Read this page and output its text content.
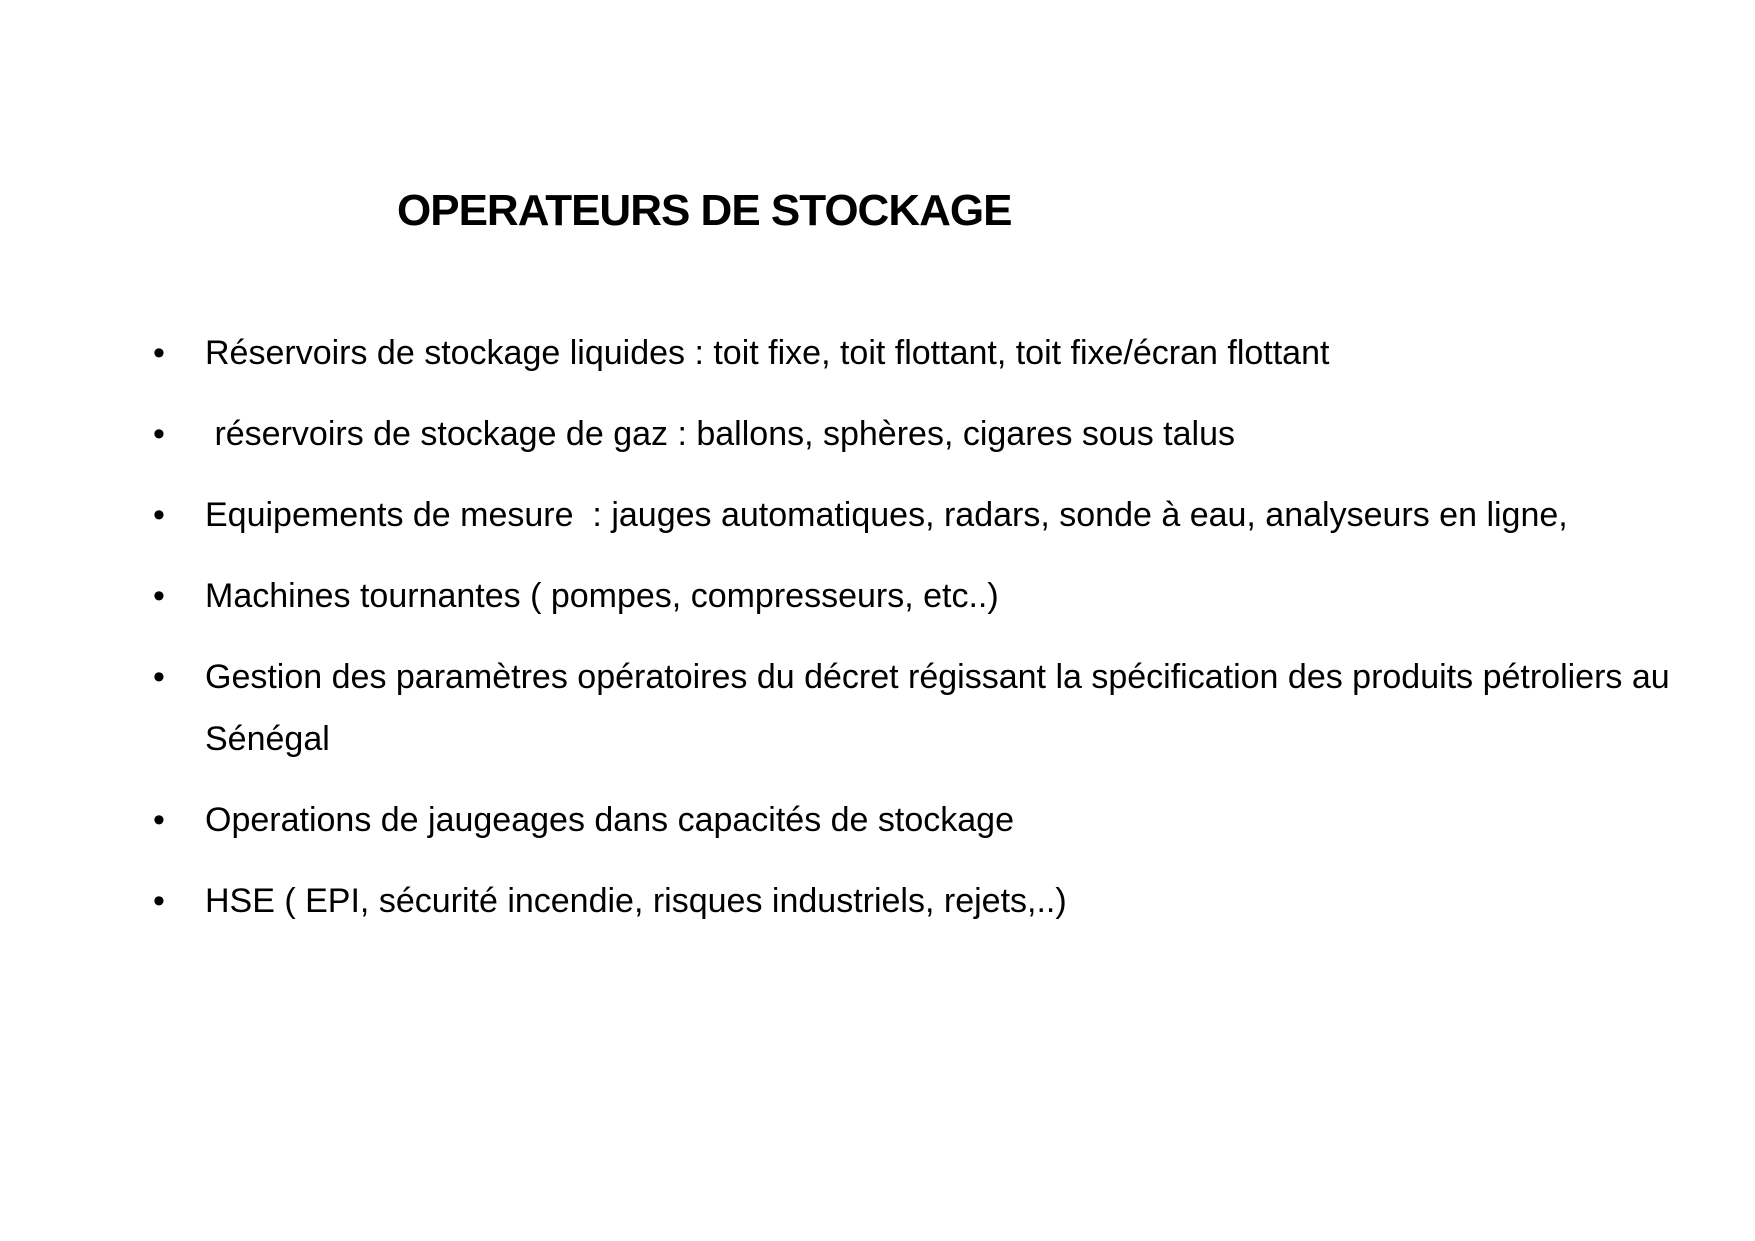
OPERATEURS DE STOCKAGE
•	Réservoirs de stockage liquides : toit fixe, toit flottant, toit fixe/écran flottant
•	réservoirs de stockage de gaz : ballons, sphères, cigares sous talus
•	Equipements de mesure  : jauges automatiques, radars, sonde à eau, analyseurs en ligne,
•	Machines tournantes ( pompes, compresseurs, etc..)
•	Gestion des paramètres opératoires du décret régissant la spécification des produits pétroliers au Sénégal
•	Operations de jaugeages dans capacités de stockage
•	HSE ( EPI, sécurité incendie, risques industriels, rejets,..)
